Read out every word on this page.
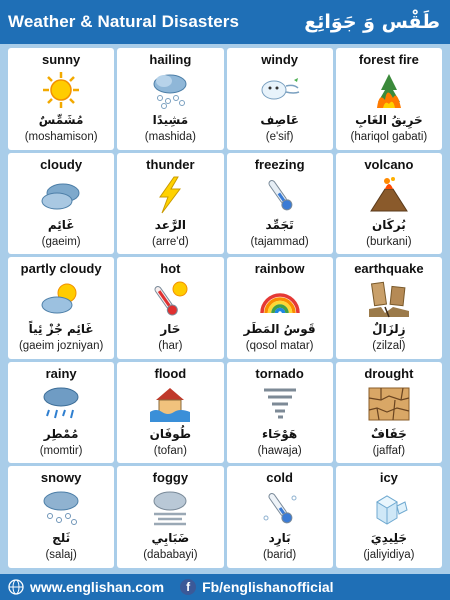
Weather & Natural Disasters	طَقْس وَ جَوَائِع
sunny
مُشَمِّسٌ
(moshamison)
hailing
مَشِيدًا
(mashida)
windy
عَاصِف
(e'sif)
forest fire
حَرِيقُ الغَابِ
(hariqol gabati)
cloudy
غَائِم
(gaeim)
thunder
الرَّعد
(arre'd)
freezing
تَجَمِّد
(tajammad)
volcano
بُركَان
(burkani)
partly cloudy
غَائِم جُزْ ئِياً
(gaeim jozniyan)
hot
حَار
(har)
rainbow
قَوسُ المَطَر
(qosol matar)
earthquake
زِلزَالٌ
(zilzal)
rainy
مُمْطِر
(momtir)
flood
طُوفَان
(tofan)
tornado
هَوْجَاء
(hawaja)
drought
جَفَافٌ
(jaffaf)
snowy
ثَلج
(salaj)
foggy
ضَبَابِي
(dababayi)
cold
بَارِد
(barid)
icy
جَلِيدِيَ
(jaliyidiya)
www.englishan.com	f Fb/englishanofficial
